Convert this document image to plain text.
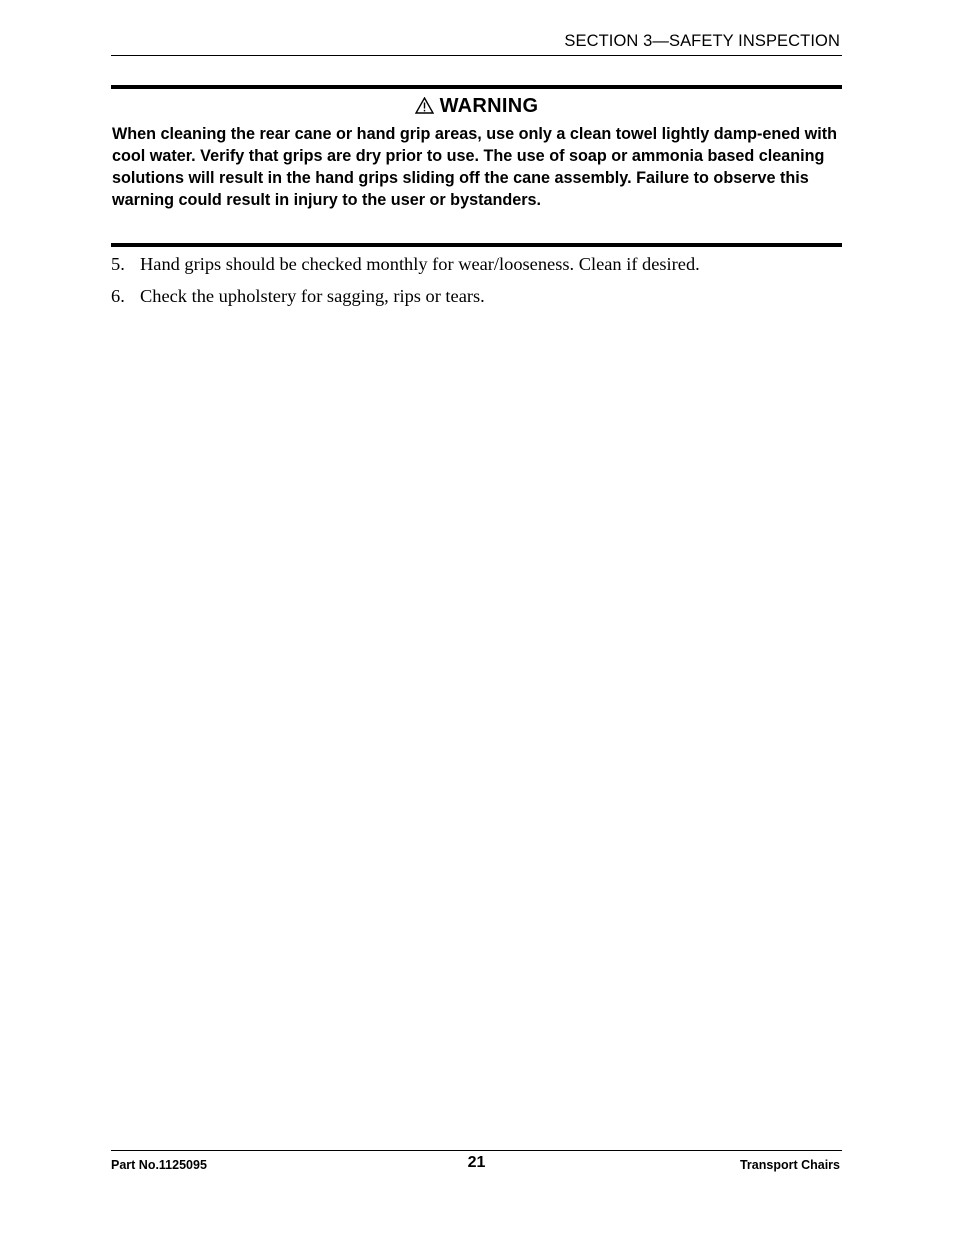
SECTION 3—SAFETY INSPECTION
WARNING
When cleaning the rear cane or hand grip areas, use only a clean towel lightly damp-ened with cool water. Verify that grips are dry prior to use. The use of soap or ammonia based cleaning solutions will result in the hand grips sliding off the cane assembly. Failure to observe this warning could result in injury to the user or bystanders.
5. Hand grips should be checked monthly for wear/looseness. Clean if desired.
6. Check the upholstery for sagging, rips or tears.
Part No.1125095	21	Transport Chairs
